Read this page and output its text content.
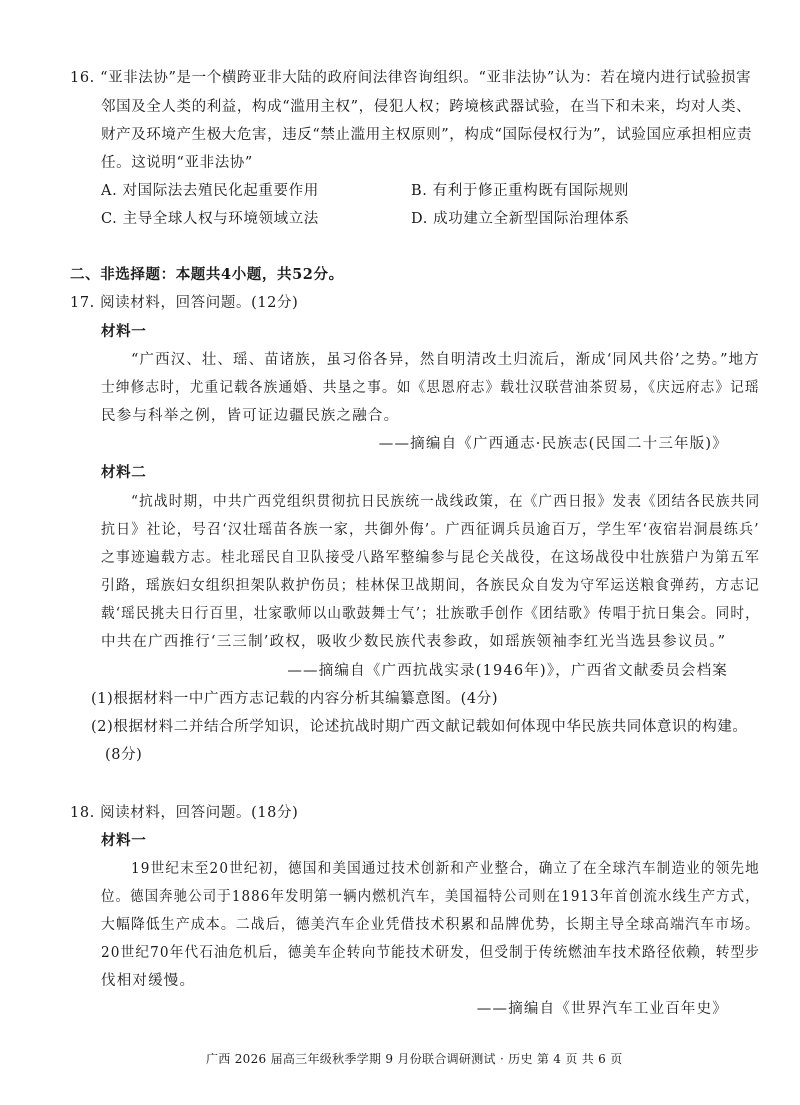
16. “亚非法协”是一个横跨亚非大陆的政府间法律咨询组织。“亚非法协”认为：若在境内进行试验损害
邻国及全人类的利益，构成“滥用主权”，侵犯人权；跨境核武器试验，在当下和未来，均对人类、
财产及环境产生极大危害，违反“禁止滥用主权原则”，构成“国际侵权行为”，试验国应承担相应责
任。这说明“亚非法协”
A. 对国际法去殖民化起重要作用	B. 有利于修正重构既有国际规则
C. 主导全球人权与环境领域立法	D. 成功建立全新型国际治理体系
二、非选择题：本题共4小题，共52分。
17. 阅读材料，回答问题。(12分)
材料一
“广西汉、壮、瑶、苗诸族，虽习俗各异，然自明清改土归流后，渐成‘同风共俗’之势。”地方
士绅修志时，尤重记载各族通婚、共垦之事。如《思恩府志》载壮汉联营油茶贸易，《庆远府志》记瑶
民参与科举之例，皆可证边疆民族之融合。
——摘编自《广西通志·民族志(民国二十三年版)》
材料二
“抗战时期，中共广西党组织贯彻抗日民族统一战线政策，在《广西日报》发表《团结各民族共同
抗日》社论，号召‘汉壮瑶苗各族一家，共御外侮’。广西征调兵员逾百万，学生军‘夜宿岩洞晨练兵’
之事迹遍载方志。桂北瑶民自卫队接受八路军整编参与昆仑关战役，在这场战役中壮族猎户为第五军
引路，瑶族妇女组织担架队救护伤员；桂林保卫战期间，各族民众自发为守军运送粮食弹药，方志记
载‘瑶民挑夫日行百里，壮家歌师以山歌鼓舞士气’；壮族歌手创作《团结歌》传唱于抗日集会。同时，
中共在广西推行‘三三制’政权，吸收少数民族代表参政，如瑶族领袖李红光当选县参议员。”
——摘编自《广西抗战实录(1946年)》，广西省文献委员会档案
(1)根据材料一中广西方志记载的内容分析其编纂意图。(4分)
(2)根据材料二并结合所学知识，论述抗战时期广西文献记载如何体现中华民族共同体意识的构建。
(8分)
18. 阅读材料，回答问题。(18分)
材料一
19世纪末至20世纪初，德国和美国通过技术创新和产业整合，确立了在全球汽车制造业的领先地
位。德国奔驰公司于1886年发明第一辆内燃机汽车，美国福特公司则在1913年首创流水线生产方式，
大幅降低生产成本。二战后，德美汽车企业凭借技术积累和品牌优势，长期主导全球高端汽车市场。
20世纪70年代石油危机后，德美车企转向节能技术研发，但受制于传统燃油车技术路径依赖，转型步
伐相对缓慢。
——摘编自《世界汽车工业百年史》
广西 2026 届高三年级秋季学期 9 月份联合调研测试 · 历史 第 4 页 共 6 页
